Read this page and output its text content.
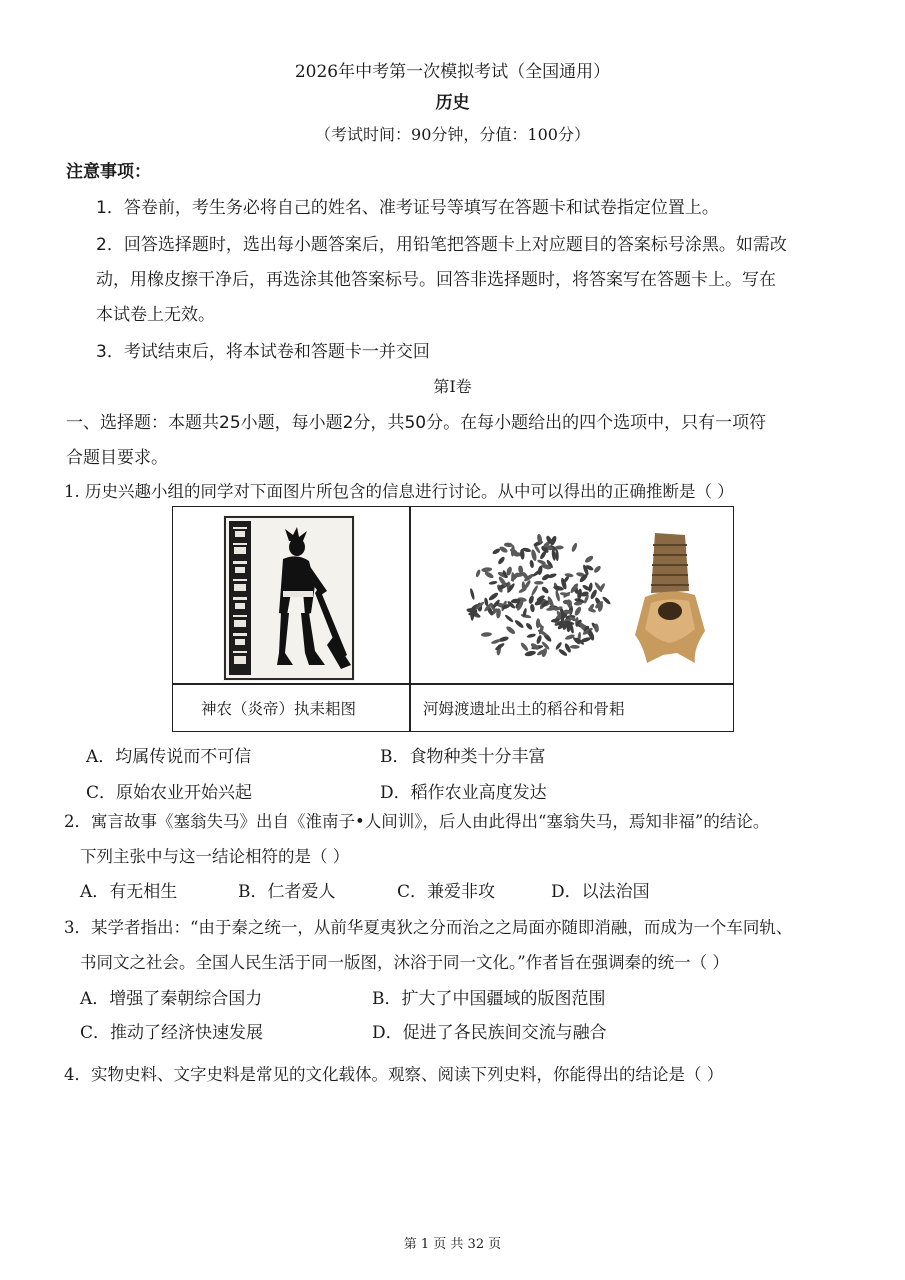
2026年中考第一次模拟考试（全国通用）
历史
（考试时间：90分钟，分值：100分）
注意事项：
1．答卷前，考生务必将自己的姓名、准考证号等填写在答题卡和试卷指定位置上。
2．回答选择题时，选出每小题答案后，用铅笔把答题卡上对应题目的答案标号涂黑。如需改
动，用橡皮擦干净后，再选涂其他答案标号。回答非选择题时，将答案写在答题卡上。写在
本试卷上无效。
3．考试结束后，将本试卷和答题卡一并交回
第Ⅰ卷
一、选择题：本题共25小题，每小题2分，共50分。在每小题给出的四个选项中，只有一项符
合题目要求。
1. 历史兴趣小组的同学对下面图片所包含的信息进行讨论。从中可以得出的正确推断是（ ）
神农（炎帝）执耒耜图	河姆渡遗址出土的稻谷和骨耜
A．均属传说而不可信	B．食物种类十分丰富
C．原始农业开始兴起	D．稻作农业高度发达
2．寓言故事《塞翁失马》出自《淮南子•人间训》，后人由此得出“塞翁失马，焉知非福”的结论。
下列主张中与这一结论相符的是（ ）
A．有无相生	B．仁者爱人	C．兼爱非攻	D．以法治国
3．某学者指出：“由于秦之统一，从前华夏夷狄之分而治之之局面亦随即消融，而成为一个车同轨、
书同文之社会。全国人民生活于同一版图，沐浴于同一文化。”作者旨在强调秦的统一（ ）
A．增强了秦朝综合国力	B．扩大了中国疆域的版图范围
C．推动了经济快速发展	D．促进了各民族间交流与融合
4．实物史料、文字史料是常见的文化载体。观察、阅读下列史料，你能得出的结论是（ ）
第 1 页 共 32 页
